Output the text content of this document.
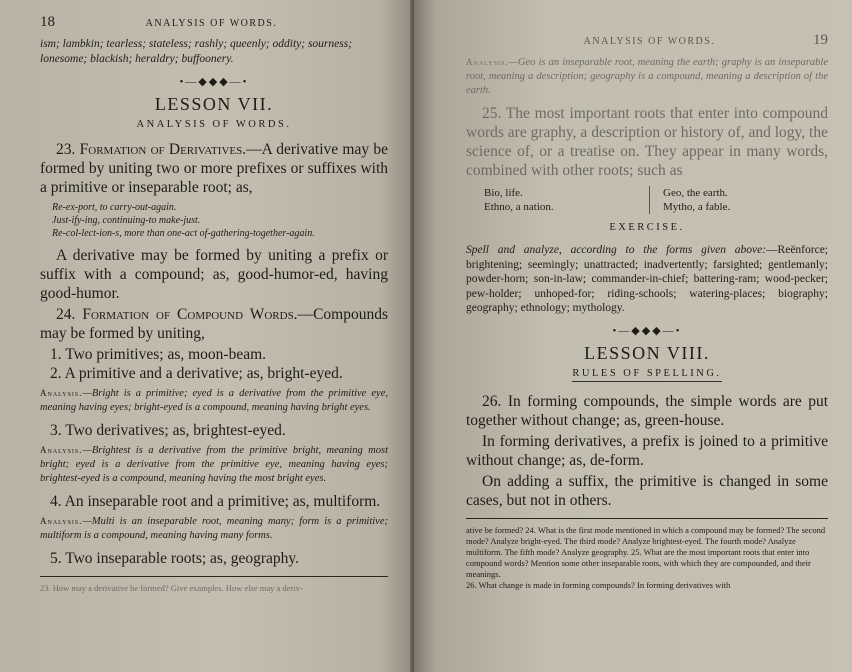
18	ANALYSIS OF WORDS.
ism; lambkin; tearless; stateless; rashly; queenly; oddity; sourness; lonesome; blackish; heraldry; buffoonery.
•—◆◆◆—•
LESSON VII.
ANALYSIS OF WORDS.

23. Formation of Derivatives.—A derivative may be formed by uniting two or more prefixes or suffixes with a primitive or inseparable root; as,

Re-ex-port, to carry-out-again.
Just-ify-ing, continuing-to make-just.
Re-col-lect-ion-s, more than one-act of-gathering-together-again.

A derivative may be formed by uniting a prefix or suffix with a compound; as, good-humor-ed, having good-humor.

24. Formation of Compound Words.—Compounds may be formed by uniting,

1. Two primitives; as, moon-beam.
2. A primitive and a derivative; as, bright-eyed.
Analysis.—Bright is a primitive; eyed is a derivative from the primitive eye, meaning having eyes; bright-eyed is a compound, meaning having bright eyes.
3. Two derivatives; as, brightest-eyed.
Analysis.—Brightest is a derivative from the primitive bright, meaning most bright; eyed is a derivative from the primitive eye, meaning having eyes; brightest-eyed is a compound, meaning having the most bright eyes.
4. An inseparable root and a primitive; as, multiform.
Analysis.—Multi is an inseparable root, meaning many; form is a primitive; multiform is a compound, meaning having many forms.
5. Two inseparable roots; as, geography.
23. How may a derivative be formed? Give examples. How else may a deriv-
ANALYSIS OF WORDS.	19
Analysis.—Geo is an inseparable root, meaning the earth; graphy is an inseparable root, meaning a description; geography is a compound, meaning a description of the earth.

25. The most important roots that enter into compound words are graphy, a description or history of, and logy, the science of, or a treatise on. They appear in many words, combined with other roots; such as

Bio, life.
Ethno, a nation.
Geo, the earth.
Mytho, a fable.
EXERCISE.
Spell and analyze, according to the forms given above:—Reënforce; brightening; seemingly; unattracted; inadvertently; farsighted; gentlemanly; powder-horn; son-in-law; commander-in-chief; battering-ram; wood-pecker; pew-holder; unhoped-for; riding-schools; watering-places; biography; geography; ethnology; mythology.
•—◆◆◆—•
LESSON VIII.
RULES OF SPELLING.

26. In forming compounds, the simple words are put together without change; as, green-house.

In forming derivatives, a prefix is joined to a primitive without change; as, de-form.

On adding a suffix, the primitive is changed in some cases, but not in others.

ative be formed? 24. What is the first mode mentioned in which a compound may be formed? The second mode? Analyze bright-eyed. The third mode? Analyze brightest-eyed. The fourth mode? Analyze multiform. The fifth mode? Analyze geography. 25. What are the most important roots that enter into compound words? Mention some other inseparable roots, with which they are compounded, and their meanings.
26. What change is made in forming compounds? In forming derivatives with
